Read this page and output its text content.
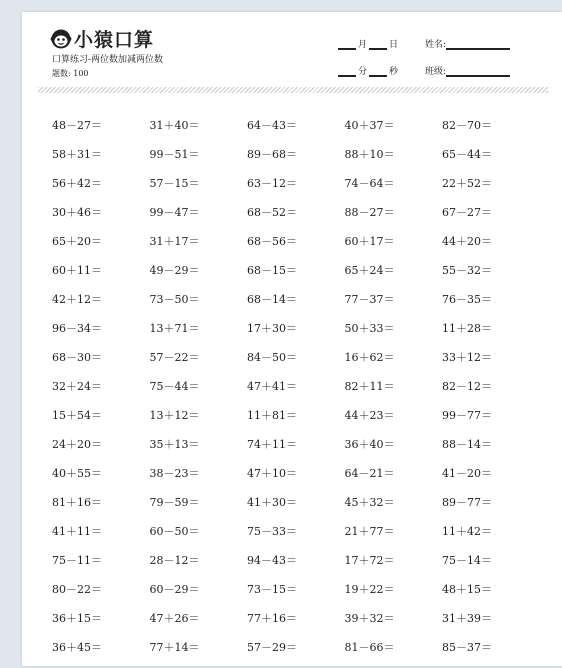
小猿口算
口算练习-两位数加减两位数
题数: 100
月 日	姓名:
分 秒	班级:
48－27＝	31＋40＝	64－43＝	40＋37＝	82－70＝
58＋31＝	99－51＝	89－68＝	88＋10＝	65－44＝
56＋42＝	57－15＝	63－12＝	74－64＝	22＋52＝
30＋46＝	99－47＝	68－52＝	88－27＝	67－27＝
65＋20＝	31＋17＝	68－56＝	60＋17＝	44＋20＝
60＋11＝	49－29＝	68－15＝	65＋24＝	55－32＝
42＋12＝	73－50＝	68－14＝	77－37＝	76－35＝
96－34＝	13＋71＝	17＋30＝	50＋33＝	11＋28＝
68－30＝	57－22＝	84－50＝	16＋62＝	33＋12＝
32＋24＝	75－44＝	47＋41＝	82＋11＝	82－12＝
15＋54＝	13＋12＝	11＋81＝	44＋23＝	99－77＝
24＋20＝	35＋13＝	74＋11＝	36＋40＝	88－14＝
40＋55＝	38－23＝	47＋10＝	64－21＝	41－20＝
81＋16＝	79－59＝	41＋30＝	45＋32＝	89－77＝
41＋11＝	60－50＝	75－33＝	21＋77＝	11＋42＝
75－11＝	28－12＝	94－43＝	17＋72＝	75－14＝
80－22＝	60－29＝	73－15＝	19＋22＝	48＋15＝
36＋15＝	47＋26＝	77＋16＝	39＋32＝	31＋39＝
36＋45＝	77＋14＝	57－29＝	81－66＝	85－37＝
